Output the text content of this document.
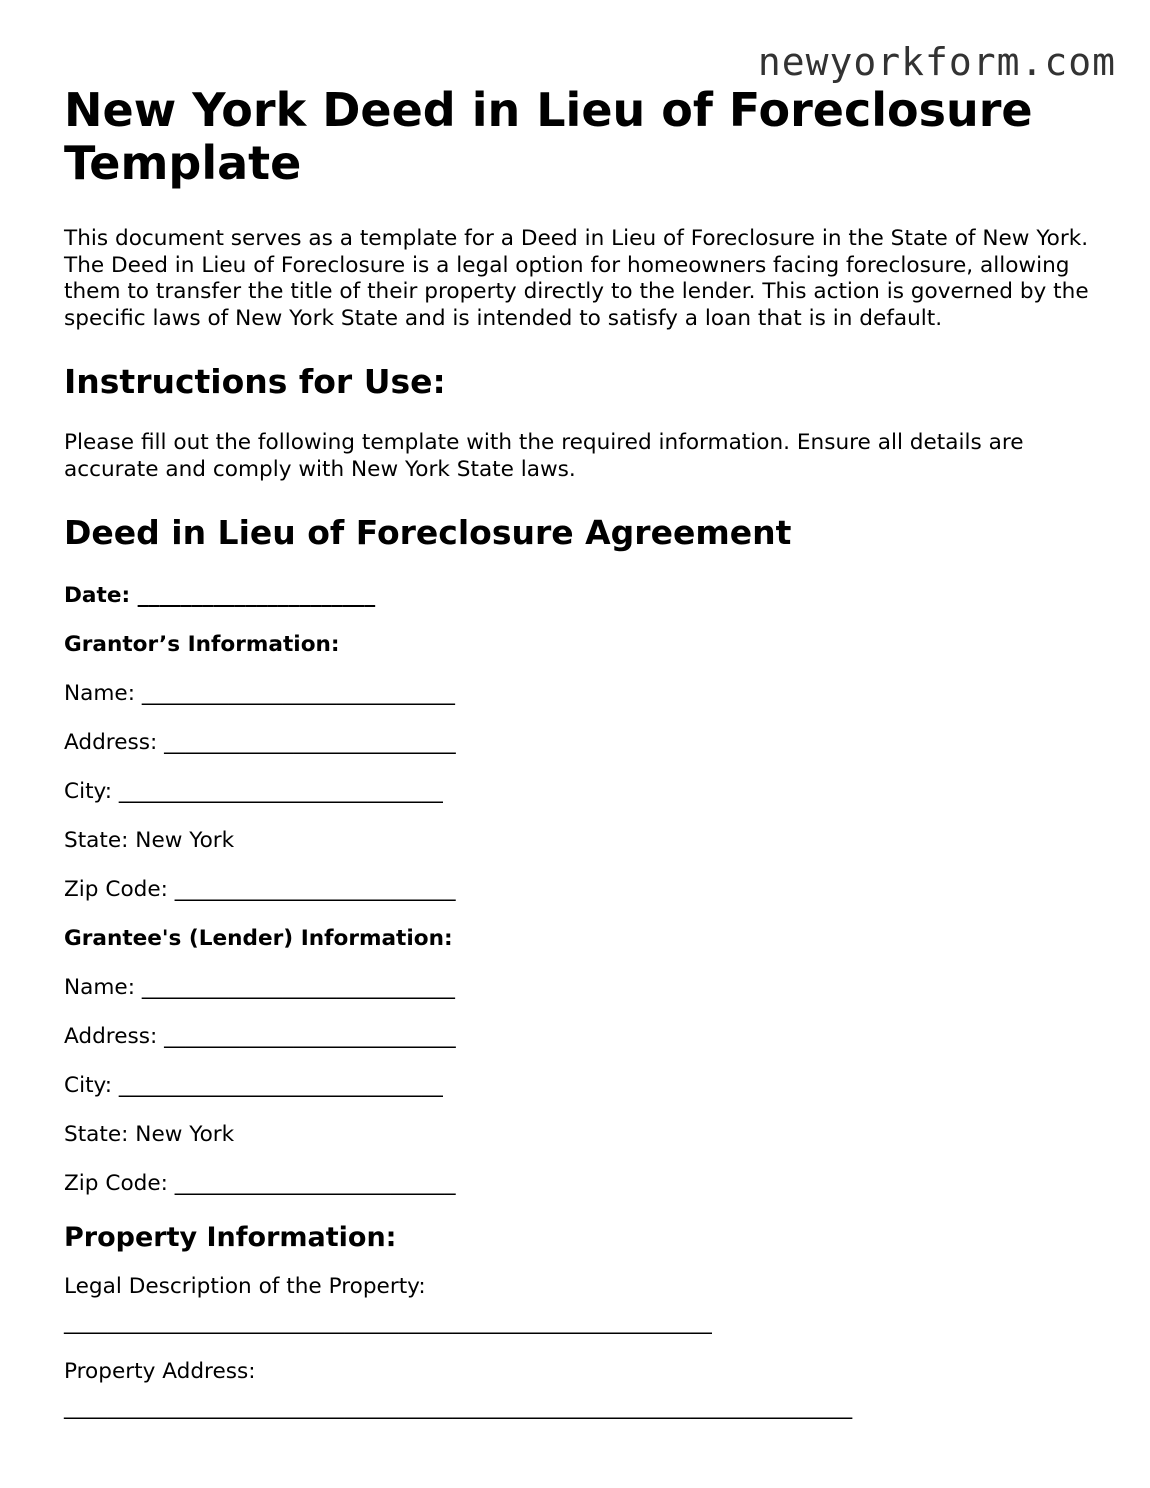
newyorkform.com
New York Deed in Lieu of Foreclosure Template

This document serves as a template for a Deed in Lieu of Foreclosure in the State of New York. The Deed in Lieu of Foreclosure is a legal option for homeowners facing foreclosure, allowing them to transfer the title of their property directly to the lender. This action is governed by the specific laws of New York State and is intended to satisfy a loan that is in default.

Instructions for Use:

Please fill out the following template with the required information. Ensure all details are accurate and comply with New York State laws.

Deed in Lieu of Foreclosure Agreement
Date: ______________________
Grantor’s Information:
Name: _____________________________
Address: ___________________________
City: ______________________________
State: New York
Zip Code: __________________________
Grantee's (Lender) Information:
Name: _____________________________
Address: ___________________________
City: ______________________________
State: New York
Zip Code: __________________________
Property Information:
Legal Description of the Property:
____________________________________________________________
Property Address:
_________________________________________________________________________
